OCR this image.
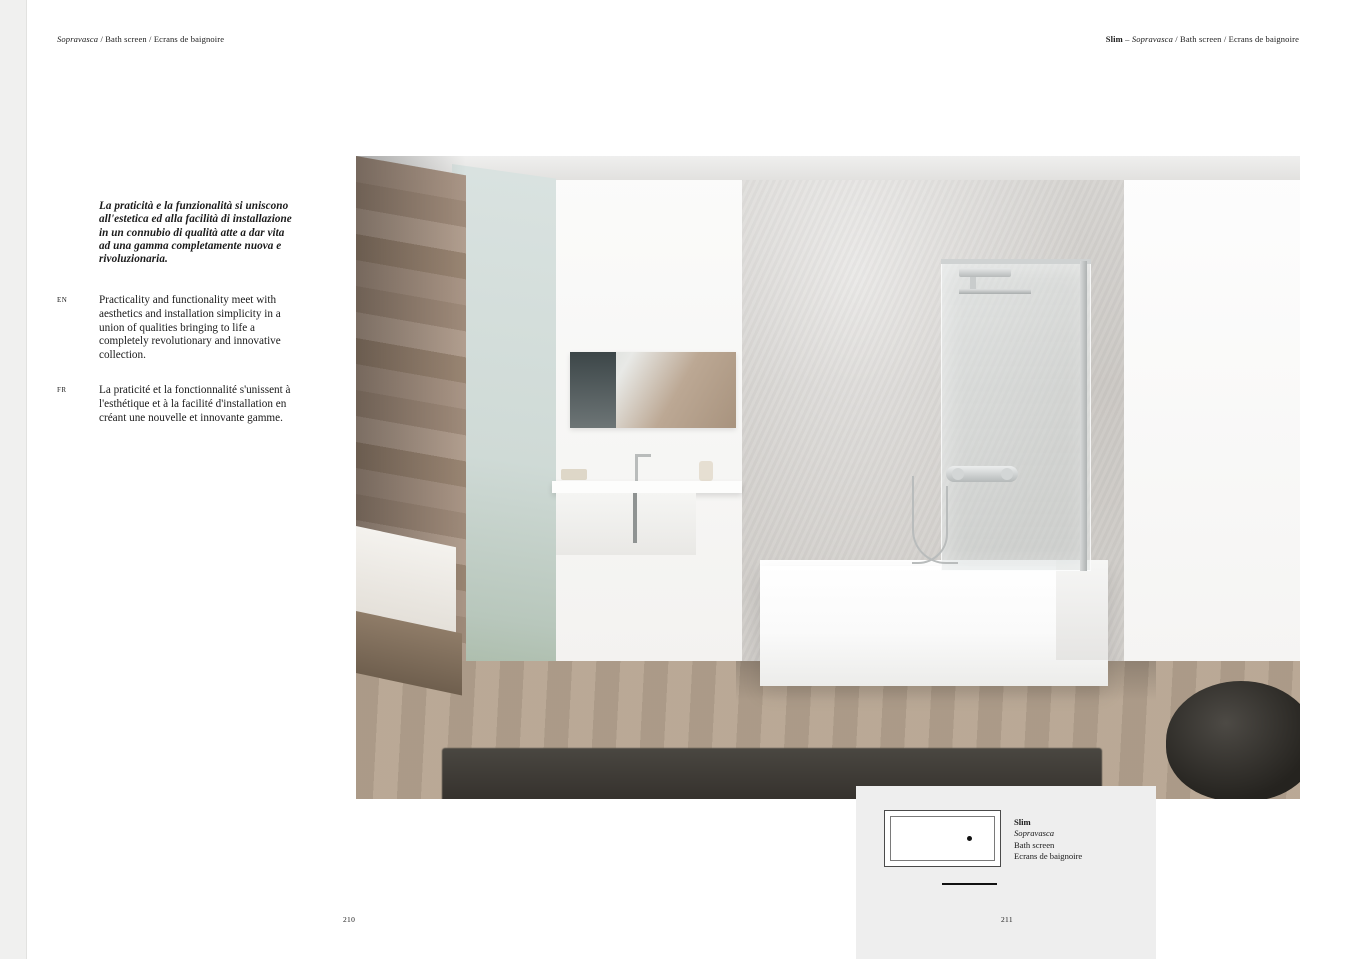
Sopravasca / Bath screen / Ecrans de baignoire	Slim – Sopravasca / Bath screen / Ecrans de baignoire

La praticità e la funzionalità si uniscono all'estetica ed alla facilità di installazione in un connubio di qualità atte a dar vita ad una gamma completamente nuova e rivoluzionaria.

EN	Practicality and functionality meet with aesthetics and installation simplicity in a union of qualities bringing to life a completely revolutionary and innovative collection.

FR	La praticité et la fonctionnalité s'unissent à l'esthétique et à la facilité d'installation en créant une nouvelle et innovante gamme.

Slim
Sopravasca
Bath screen
Ecrans de baignoire
210	211
